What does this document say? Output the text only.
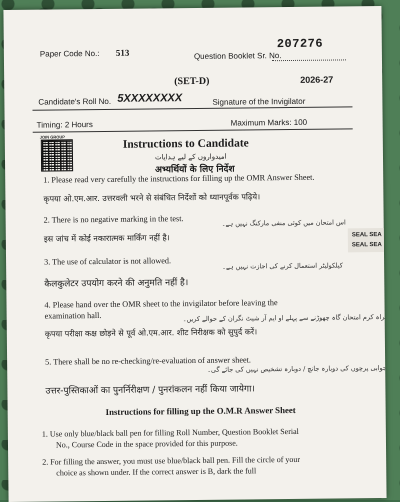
Paper Code No.: 513	Question Booklet Sr. No.
207276
(SET-D)	2026-27
Candidate's Roll No. 5XXXXXXXX	Signature of the Invigilator
Timing: 2 Hours	Maximum Marks: 100
JOIN GROUP
Instructions to Candidate
امیدواروں کے لیے ہدایات
अभ्यर्थियों के लिए निर्देश
1. Please read very carefully the instructions for filling up the OMR Answer Sheet.
कृपया ओ.एम.आर. उत्तरवली भरने से संबंधित निर्देशों को ध्यानपूर्वक पढ़िये।
2. There is no negative marking in the test.	اس امتحان میں کوئی منفی مارکنگ نہیں ہے۔
इस जांच में कोई नकारात्मक मार्किंग नहीं है।
3. The use of calculator is not allowed.	کیلکولیٹر استعمال کرنے کی اجازت نہیں ہے۔
कैलकुलेटर उपयोग करने की अनुमति नहीं है।
4. Please hand over the OMR sheet to the invigilator before leaving the
examination hall.	براہ کرم امتحان گاہ چھوڑنے سے پہلے او ایم آر شیٹ نگران کے حوالے کریں۔
कृपया परीक्षा कक्ष छोड़ने से पूर्व ओ.एम.आर. शीट निरीक्षक को सुपुर्द करें।
5. There shall be no re-checking/re-evaluation of answer sheet.
جوابی پرچوں کی دوبارہ جانچ / دوبارہ تشخیص نہیں کی جائے گی۔
उत्तर-पुस्तिकाओं का पुनर्निरीक्षण / पुनरांकलन नहीं किया जायेगा।
Instructions for filling up the O.M.R Answer Sheet
1. Use only blue/black ball pen for filling Roll Number, Question Booklet Serial
No., Course Code in the space provided for this purpose.
2. For filling the answer, you must use blue/black ball pen. Fill the circle of your
choice as shown under. If the correct answer is B, dark the full
SEAL SEA
SEAL SEA
